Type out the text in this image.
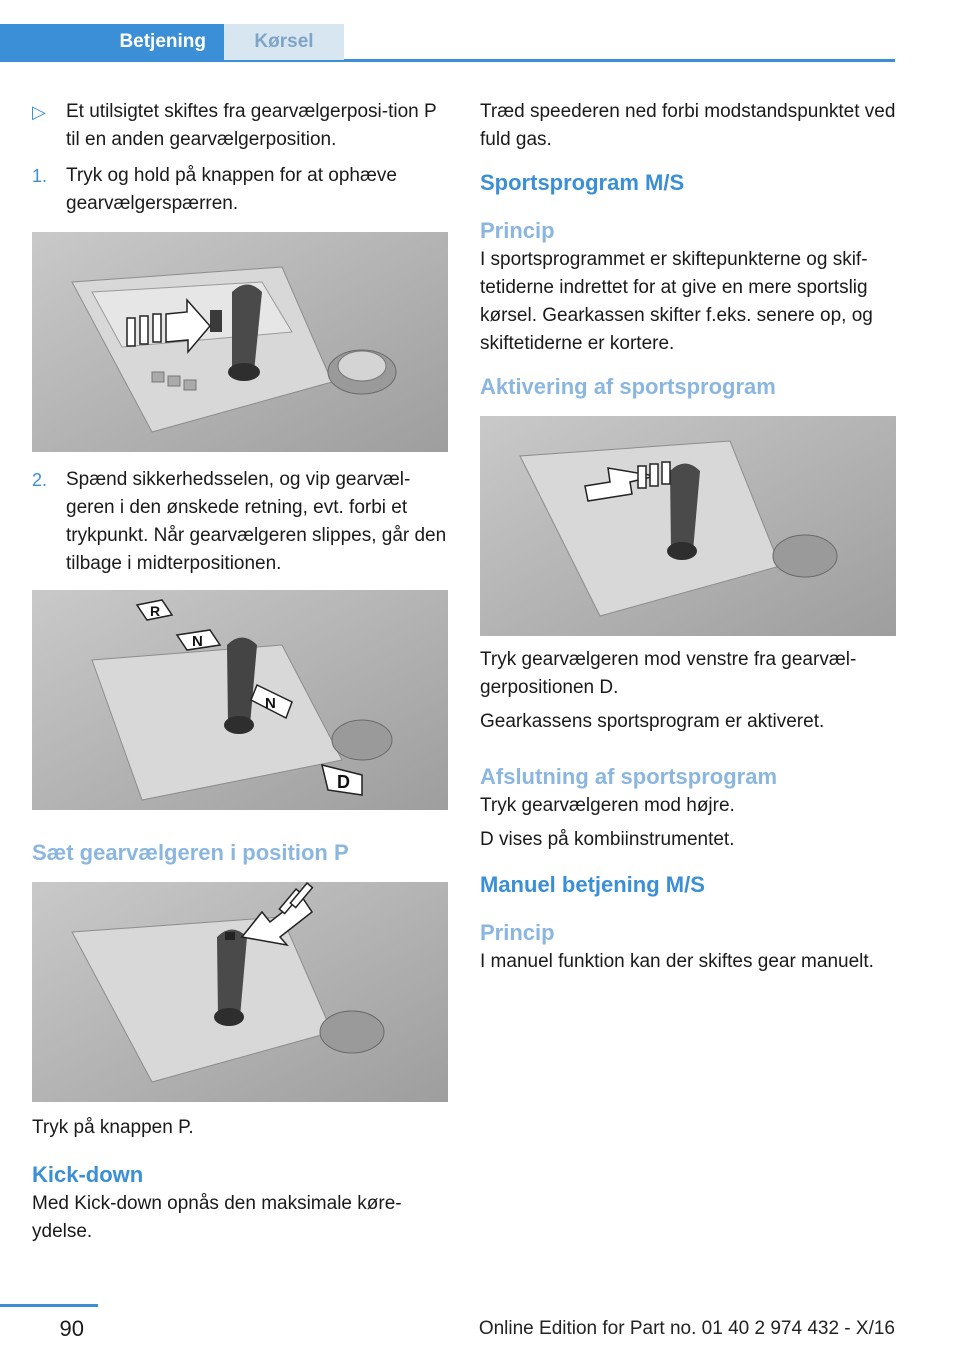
Betjening	Kørsel
▷ Et utilsigtet skiftes fra gearvælgerposi-tion P til en anden gearvælgerposition.
1. Tryk og hold på knappen for at ophæve gearvælgerspærren.
2. Spænd sikkerhedsselen, og vip gearvæl-geren i den ønskede retning, evt. forbi et trykpunkt. Når gearvælgeren slippes, går den tilbage i midterpositionen.
R
N
N
D
Sæt gearvælgeren i position P
Tryk på knappen P.
Kick-down
Med Kick-down opnås den maksimale køre-ydelse.
Træd speederen ned forbi modstandspunktet ved fuld gas.
Sportsprogram M/S
Princip
I sportsprogrammet er skiftepunkterne og skif-tetiderne indrettet for at give en mere sportslig kørsel. Gearkassen skifter f.eks. senere op, og skiftetiderne er kortere.
Aktivering af sportsprogram
Tryk gearvælgeren mod venstre fra gearvæl-gerpositionen D.
Gearkassens sportsprogram er aktiveret.
Afslutning af sportsprogram
Tryk gearvælgeren mod højre.
D vises på kombiinstrumentet.
Manuel betjening M/S
Princip
I manuel funktion kan der skiftes gear manuelt.
90	Online Edition for Part no. 01 40 2 974 432 - X/16
